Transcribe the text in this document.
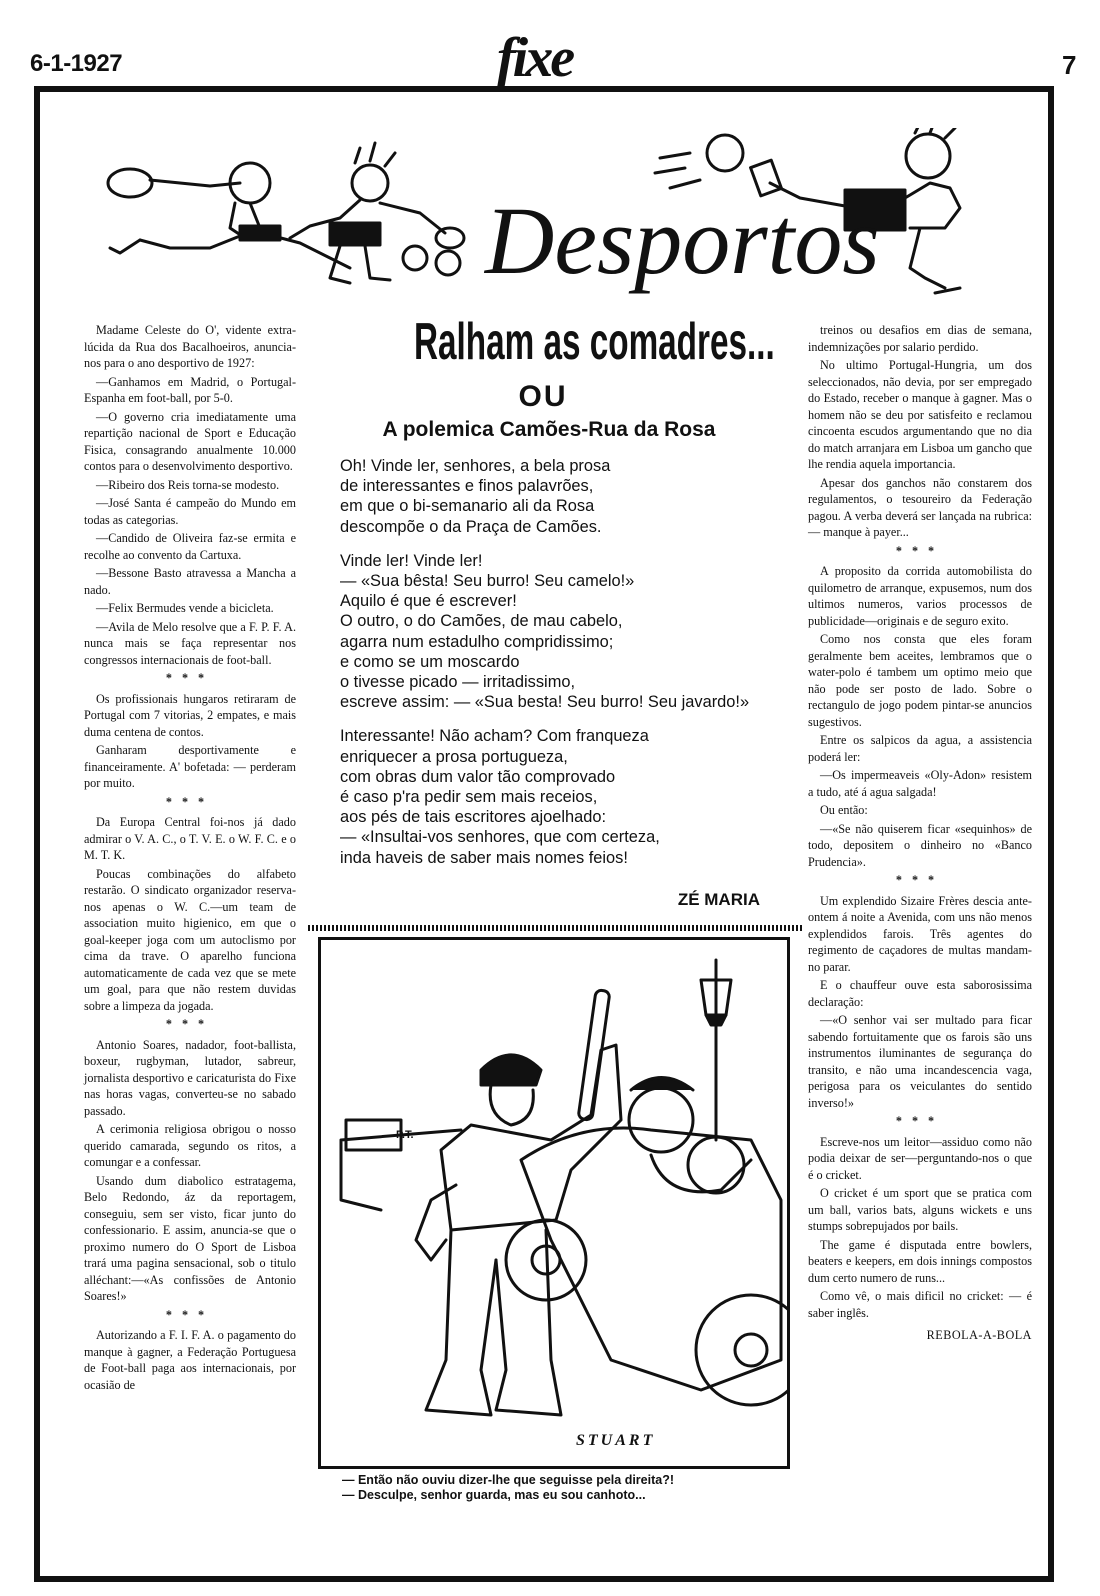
6-1-1927	fixe	7
Desportos

Madame Celeste do O', vidente extra-lúcida da Rua dos Bacalhoeiros, anuncia-nos para o ano desportivo de 1927:

—Ganhamos em Madrid, o Portugal-Espanha em foot-ball, por 5-0.

—O governo cria imediatamente uma repartição nacional de Sport e Educação Fisica, consagrando anualmente 10.000 contos para o desenvolvimento desportivo.

—Ribeiro dos Reis torna-se modesto.

—José Santa é campeão do Mundo em todas as categorias.

—Candido de Oliveira faz-se ermita e recolhe ao convento da Cartuxa.

—Bessone Basto atravessa a Mancha a nado.

—Felix Bermudes vende a bicicleta.

—Avila de Melo resolve que a F. P. F. A. nunca mais se faça representar nos congressos internacionais de foot-ball.

***

Os profissionais hungaros retiraram de Portugal com 7 vitorias, 2 empates, e mais duma centena de contos.

Ganharam desportivamente e financeiramente. A' bofetada: — perderam por muito.

***

Da Europa Central foi-nos já dado admirar o V. A. C., o T. V. E. o W. F. C. e o M. T. K.

Poucas combinações do alfabeto restarão. O sindicato organizador reserva-nos apenas o W. C.—um team de association muito higienico, em que o goal-keeper joga com um autoclismo por cima da trave. O aparelho funciona automaticamente de cada vez que se mete um goal, para que não restem duvidas sobre a limpeza da jogada.

***

Antonio Soares, nadador, foot-ballista, boxeur, rugbyman, lutador, sabreur, jornalista desportivo e caricaturista do Fixe nas horas vagas, converteu-se no sabado passado.

A cerimonia religiosa obrigou o nosso querido camarada, segundo os ritos, a comungar e a confessar.

Usando dum diabolico estratagema, Belo Redondo, áz da reportagem, conseguiu, sem ser visto, ficar junto do confessionario. E assim, anuncia-se que o proximo numero do O Sport de Lisboa trará uma pagina sensacional, sob o titulo alléchant:—«As confissões de Antonio Soares!»

***

Autorizando a F. I. F. A. o pagamento do manque à gagner, a Federação Portuguesa de Foot-ball paga aos internacionais, por ocasião de

treinos ou desafios em dias de semana, indemnizações por salario perdido.

No ultimo Portugal-Hungria, um dos seleccionados, não devia, por ser empregado do Estado, receber o manque à gagner. Mas o homem não se deu por satisfeito e reclamou cincoenta escudos argumentando que no dia do match arranjara em Lisboa um gancho que lhe rendia aquela importancia.

Apesar dos ganchos não constarem dos regulamentos, o tesoureiro da Federação pagou. A verba deverá ser lançada na rubrica: — manque à payer...

***

A proposito da corrida automobilista do quilometro de arranque, expusemos, num dos ultimos numeros, varios processos de publicidade—originais e de seguro exito.

Como nos consta que eles foram geralmente bem aceites, lembramos que o water-polo é tambem um optimo meio que não pode ser posto de lado. Sobre o rectangulo de jogo podem pintar-se anuncios sugestivos.

Entre os salpicos da agua, a assistencia poderá ler:

—Os impermeaveis «Oly-Adon» resistem a tudo, até á agua salgada!

Ou então:

—«Se não quiserem ficar «sequinhos» de todo, depositem o dinheiro no «Banco Prudencia».

***

Um explendido Sizaire Frères descia ante-ontem á noite a Avenida, com uns não menos explendidos farois. Três agentes do regimento de caçadores de multas mandam-no parar.

E o chauffeur ouve esta saborosissima declaração:

—«O senhor vai ser multado para ficar sabendo fortuitamente que os farois são uns instrumentos iluminantes de segurança do transito, e não uma incandescencia vaga, perigosa para os veiculantes do sentido inverso!»

***

Escreve-nos um leitor—assiduo como não podia deixar de ser—perguntando-nos o que é o cricket.

O cricket é um sport que se pratica com um ball, varios bats, alguns wickets e uns stumps sobrepujados por bails.

The game é disputada entre bowlers, beaters e keepers, em dois innings compostos dum certo numero de runs...

Como vê, o mais dificil no cricket: — é saber inglês.

REBOLA-A-BOLA
Ralham as comadres...
OU
A polemica Camões-Rua da Rosa
Oh! Vinde ler, senhores, a bela prosa
de interessantes e finos palavrões,
em que o bi-semanario ali da Rosa
descompõe o da Praça de Camões.
Vinde ler! Vinde ler!
— «Sua bêsta! Seu burro! Seu camelo!»
Aquilo é que é escrever!
O outro, o do Camões, de mau cabelo,
agarra num estadulho compridissimo;
e como se um moscardo
o tivesse picado — irritadissimo,
escreve assim: — «Sua besta! Seu burro! Seu javardo!»
Interessante! Não acham? Com franqueza
enriquecer a prosa portugueza,
com obras dum valor tão comprovado
é caso p'ra pedir sem mais receios,
aos pés de tais escritores ajoelhado:
— «Insultai-vos senhores, que com certeza,
inda haveis de saber mais nomes feios!
ZÉ MARIA
P.T.
STUART
— Então não ouviu dizer-lhe que seguisse pela direita?!
— Desculpe, senhor guarda, mas eu sou canhoto...
